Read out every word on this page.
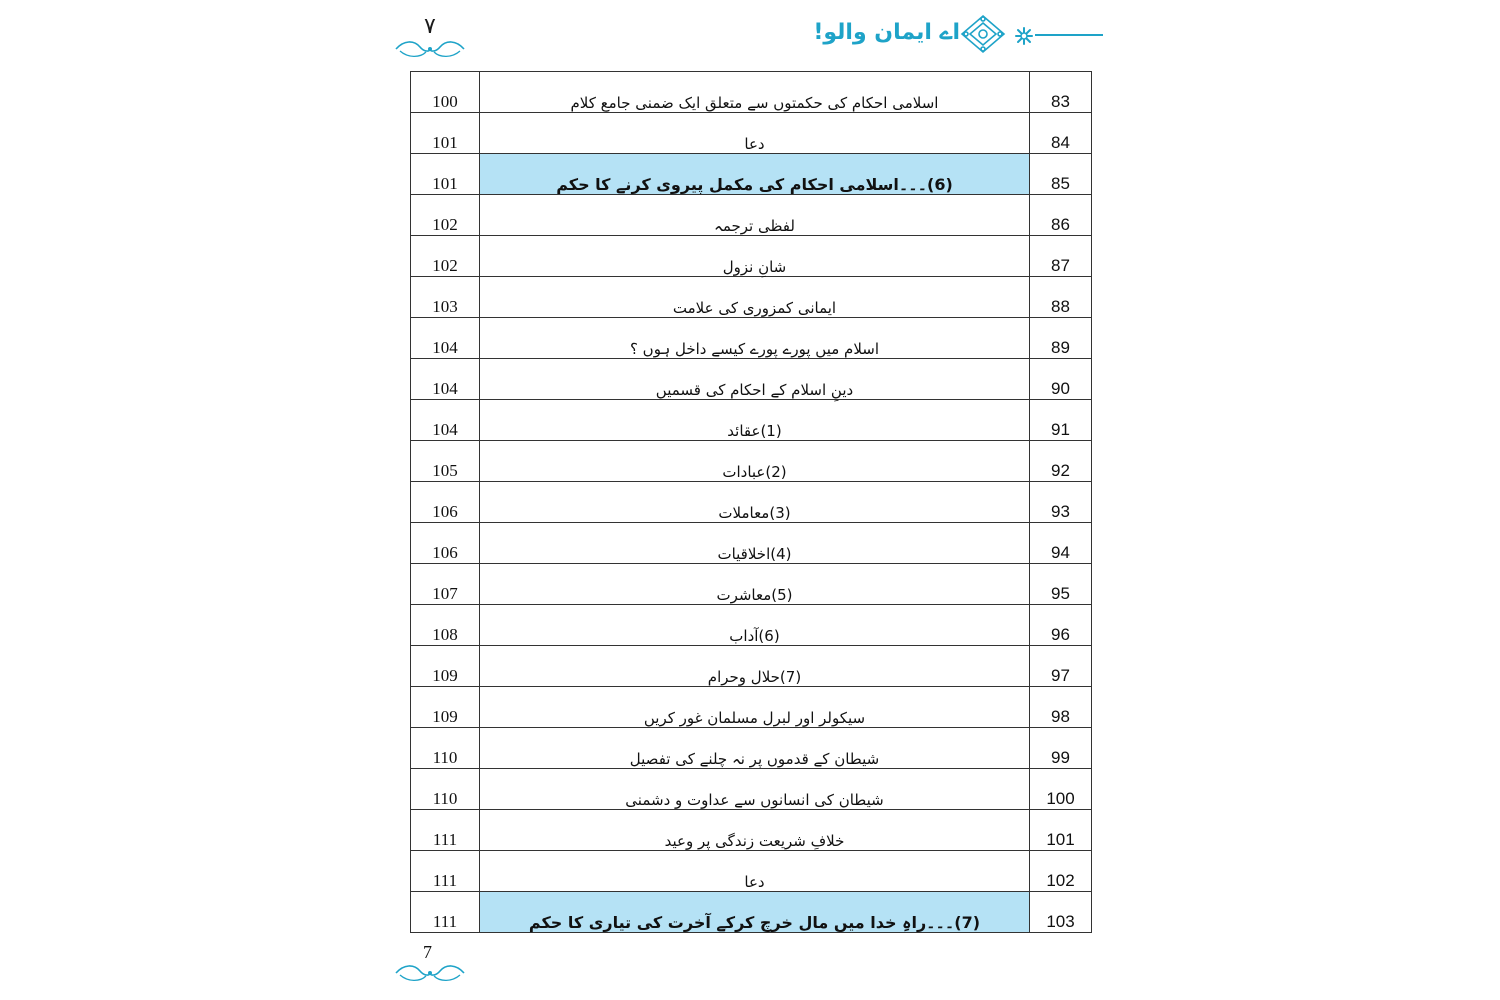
۷	اے ایمان والو!
100	اسلامی احکام کی حکمتوں سے متعلق ایک ضمنی جامع کلام	83
101	دعا	84
101	(6)۔۔۔اسلامی احکام کی مکمل پیروی کرنے کا حکم	85
102	لفظی ترجمہ	86
102	شانِ نزول	87
103	ایمانی کمزوری کی علامت	88
104	اسلام میں پورے پورے کیسے داخل ہوں ؟	89
104	دینِ اسلام کے احکام کی قسمیں	90
104	(1)عقائد	91
105	(2)عبادات	92
106	(3)معاملات	93
106	(4)اخلاقیات	94
107	(5)معاشرت	95
108	(6)آداب	96
109	(7)حلال وحرام	97
109	سیکولر اور لبرل مسلمان غور کریں	98
110	شیطان کے قدموں پر نہ چلنے کی تفصیل	99
110	شیطان کی انسانوں سے عداوت و دشمنی	100
111	خلافِ شریعت زندگی پر وعید	101
111	دعا	102
111	(7)۔۔۔راہِ خدا میں مال خرچ کرکے آخرت کی تیاری کا حکم	103
7
